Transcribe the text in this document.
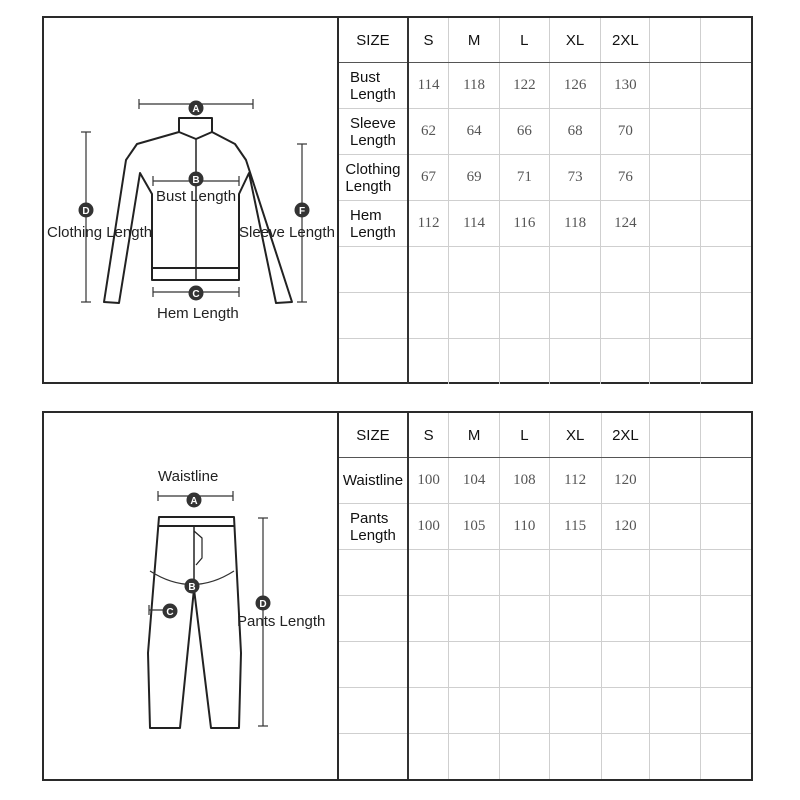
A
B
C
D	F
Bust Length
Clothing Length	Sleeve Length
Hem Length
SIZE	S	M	L	XL	2XL		

Bust
Length	114	118	122	126	130		

Sleeve
Length	62	64	66	68	70		

Clothing
Length	67	69	71	73	76		

Hem
Length	112	114	116	118	124		

A
B
C
D
Waistline
Pants Length
SIZE	S	M	L	XL	2XL		

Waistline	100	104	108	112	120		

Pants
Length	100	105	110	115	120		
